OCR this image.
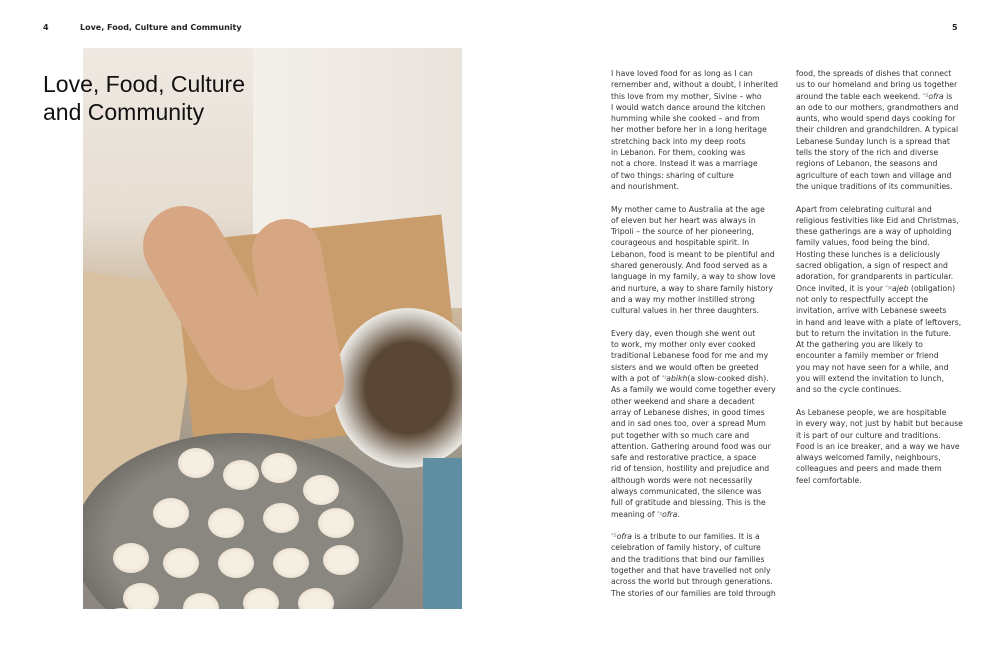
4	Love, Food, Culture and Community	5
Love, Food, Culture
and Community

I have loved food for as long as I can
remember and, without a doubt, I inherited
this love from my mother, Sivine – who
I would watch dance around the kitchen
humming while she cooked – and from
her mother before her in a long heritage
stretching back into my deep roots
in Lebanon. For them, cooking was
not a chore. Instead it was a marriage
of two things: sharing of culture
and nourishment.

My mother came to Australia at the age
of eleven but her heart was always in
Tripoli – the source of her pioneering,
courageous and hospitable spirit. In
Lebanon, food is meant to be plentiful and
shared generously. And food served as a
language in my family, a way to show love
and nurture, a way to share family history
and a way my mother instilled strong
cultural values in her three daughters.

Every day, even though she went out
to work, my mother only ever cooked
traditional Lebanese food for me and my
sisters and we would often be greeted
with a pot of *tabikh(a slow-cooked dish).
As a family we would come together every
other weekend and share a decadent
array of Lebanese dishes, in good times
and in sad ones too, over a spread Mum
put together with so much care and
attention. Gathering around food was our
safe and restorative practice, a space
rid of tension, hostility and prejudice and
although words were not necessarily
always communicated, the silence was
full of gratitude and blessing. This is the
meaning of *sofra.

*Sofra is a tribute to our families. It is a
celebration of family history, of culture
and the traditions that bind our families
together and that have travelled not only
across the world but through generations.
The stories of our families are told through

food, the spreads of dishes that connect
us to our homeland and bring us together
around the table each weekend. *Sofra is
an ode to our mothers, grandmothers and
aunts, who would spend days cooking for
their children and grandchildren. A typical
Lebanese Sunday lunch is a spread that
tells the story of the rich and diverse
regions of Lebanon, the seasons and
agriculture of each town and village and
the unique traditions of its communities.

Apart from celebrating cultural and
religious festivities like Eid and Christmas,
these gatherings are a way of upholding
family values, food being the bind.
Hosting these lunches is a deliciously
sacred obligation, a sign of respect and
adoration, for grandparents in particular.
Once invited, it is your *wajeb (obligation)
not only to respectfully accept the
invitation, arrive with Lebanese sweets
in hand and leave with a plate of leftovers,
but to return the invitation in the future.
At the gathering you are likely to
encounter a family member or friend
you may not have seen for a while, and
you will extend the invitation to lunch,
and so the cycle continues.

As Lebanese people, we are hospitable
in every way, not just by habit but because
it is part of our culture and traditions.
Food is an ice breaker, and a way we have
always welcomed family, neighbours,
colleagues and peers and made them
feel comfortable.
